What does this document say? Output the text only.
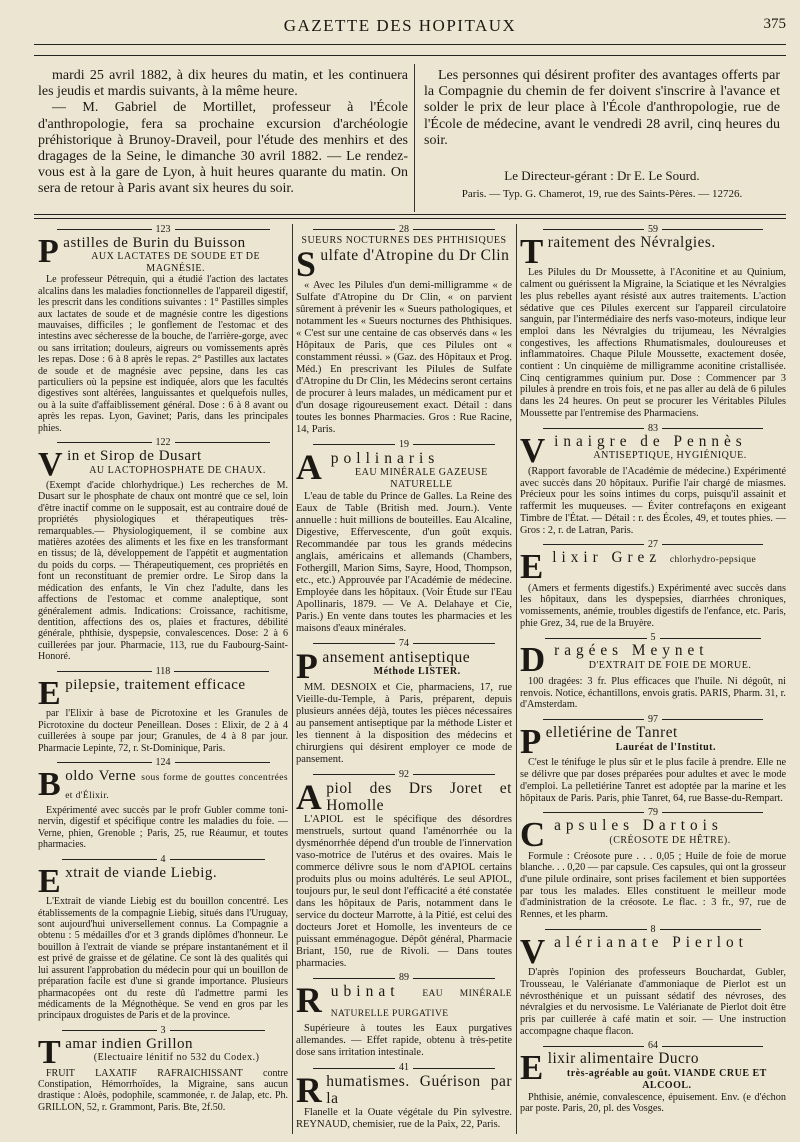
GAZETTE DES HOPITAUX	375

mardi 25 avril 1882, à dix heures du matin, et les continuera les jeudis et mardis suivants, à la même heure.

— M. Gabriel de Mortillet, professeur à l'École d'anthropologie, fera sa prochaine excursion d'archéologie préhistorique à Brunoy-Draveil, pour l'étude des menhirs et des dragages de la Seine, le dimanche 30 avril 1882. — Le rendez-vous est à la gare de Lyon, à huit heures quarante du matin. On sera de retour à Paris avant six heures du soir.

Les personnes qui désirent profiter des avantages offerts par la Compagnie du chemin de fer doivent s'inscrire à l'avance et solder le prix de leur place à l'École d'anthropologie, rue de l'École de médecine, avant le vendredi 28 avril, cinq heures du soir.

Le Directeur-gérant : Dr E. Le Sourd.
Paris. — Typ. G. Chamerot, 19, rue des Saints-Pères. — 12726.
123
Pastilles de Burin du Buisson
AUX LACTATES DE SOUDE ET DE MAGNÉSIE.
Le professeur Pétrequin, qui a étudié l'action des lactates alcalins dans les maladies fonctionnelles de l'appareil digestif, les prescrit dans les conditions suivantes : 1° Pastilles simples aux lactates de soude et de magnésie contre les digestions mauvaises, difficiles ; le gonflement de l'estomac et des intestins avec sécheresse de la bouche, de l'arrière-gorge, avec ou sans irritation; douleurs, aigreurs ou vomissements après les repas. Dose : 6 à 8 après le repas. 2° Pastilles aux lactates de soude et de magnésie avec pepsine, dans les cas particuliers où la pepsine est indiquée, alors que les facultés digestives sont altérées, languissantes et quelquefois nulles, ou à la suite d'affaiblissement général. Dose : 6 à 8 avant ou après les repas. Lyon, Gavinet; Paris, dans les principales phies.
122
Vin et Sirop de Dusart
AU LACTOPHOSPHATE DE CHAUX.
(Exempt d'acide chlorhydrique.) Les recherches de M. Dusart sur le phosphate de chaux ont montré que ce sel, loin d'être inactif comme on le supposait, est au contraire doué de propriétés physiologiques et thérapeutiques très-remarquables.— Physiologiquement, il se combine aux matières azotées des aliments et les fixe en les transformant en tissus; de là, développement de l'appétit et augmentation du poids du corps. — Thérapeutiquement, ces propriétés en font un reconstituant de premier ordre. Le Sirop dans la médication des enfants, le Vin chez l'adulte, dans les affections de l'estomac et comme analeptique, sont généralement admis. Indications: Croissance, rachitisme, dentition, affections des os, plaies et fractures, débilité générale, phthisie, dyspepsie, convalescences. Dose: 2 à 6 cuillerées par jour. Pharmacie, 113, rue du Faubourg-Saint-Honoré.
118
Epilepsie, traitement efficace
par l'Elixir à base de Picrotoxine et les Granules de Picrotoxine du docteur Peneillean. Doses : Elixir, de 2 à 4 cuillerées à soupe par jour; Granules, de 4 à 8 par jour. Pharmacie Lepinte, 72, r. St-Dominique, Paris.
124
Boldo Verne sous forme de gouttes concentrées et d'Élixir.
Expérimenté avec succès par le profr Gubler comme toni-nervin, digestif et spécifique contre les maladies du foie. — Verne, phien, Grenoble ; Paris, 25, rue Réaumur, et toutes pharmacies.
4
Extrait de viande Liebig.
L'Extrait de viande Liebig est du bouillon concentré. Les établissements de la compagnie Liebig, situés dans l'Uruguay, sont aujourd'hui universellement connus. La Compagnie a obtenu : 5 médailles d'or et 3 grands diplômes d'honneur. Le bouillon à l'extrait de viande se prépare instantanément et il est privé de graisse et de gélatine. Ce sont là des qualités qui lui assurent l'approbation du médecin pour qui un bouillon de préparation facile est d'une si grande importance. Plusieurs pharmacopées ont du reste dû l'admettre parmi les médicaments de la Mégnothèque. Se vend en gros par les principaux droguistes de Paris et de la province.
3
Tamar indien Grillon
(Electuaire lénitif no 532 du Codex.)
FRUIT LAXATIF RAFRAICHISSANT contre Constipation, Hémorrhoïdes, la Migraine, sans aucun drastique : Aloès, podophile, scammonée, r. de Jalap, etc. Ph. GRILLON, 52, r. Grammont, Paris. Bte, 2f.50.
28
SUEURS NOCTURNES DES PHTHISIQUES
Sulfate d'Atropine du Dr Clin
« Avec les Pilules d'un demi-milligramme « de Sulfate d'Atropine du Dr Clin, « on parvient sûrement à prévenir les « Sueurs pathologiques, et notamment les « Sueurs nocturnes des Phthisiques. « C'est sur une centaine de cas observés dans « les Hôpitaux de Paris, que ces Pilules ont « constamment réussi. » (Gaz. des Hôpitaux et Prog. Méd.) En prescrivant les Pilules de Sulfate d'Atropine du Dr Clin, les Médecins seront certains de procurer à leurs malades, un médicament pur et d'un dosage rigoureusement exact. Détail : dans toutes les bonnes Pharmacies. Gros : Rue Racine, 14, Paris.
19
Apollinaris
EAU MINÉRALE GAZEUSE NATURELLE
L'eau de table du Prince de Galles. La Reine des Eaux de Table (British med. Journ.). Vente annuelle : huit millions de bouteilles. Eau Alcaline, Digestive, Effervescente, d'un goût exquis. Recommandée par tous les grands médecins anglais, américains et allemands (Chambers, Fothergill, Marion Sims, Sayre, Hood, Thompson, etc., etc.) Approuvée par l'Académie de médecine. Employée dans les hôpitaux. (Voir Étude sur l'Eau Apollinaris, 1879. — Ve A. Delahaye et Cie, Paris.) En vente dans toutes les pharmacies et les maisons d'eaux minérales.
74
Pansement antiseptique
Méthode LISTER.
MM. DESNOIX et Cie, pharmaciens, 17, rue Vieille-du-Temple, à Paris, préparent, depuis plusieurs années déjà, toutes les pièces nécessaires au pansement antiseptique par la méthode Lister et les tiennent à la disposition des médecins et chirurgiens qui désirent employer ce mode de pansement.
92
Apiol des Drs Joret et Homolle
L'APIOL est le spécifique des désordres menstruels, surtout quand l'aménorrhée ou la dysménorrhée dépend d'un trouble de l'innervation vaso-motrice de l'utérus et des ovaires. Mais le commerce délivre sous le nom d'APIOL certains produits plus ou moins adultérés. Le seul APIOL, toujours pur, le seul dont l'efficacité a été constatée dans les hôpitaux de Paris, notamment dans le service du docteur Marrotte, à la Pitié, est celui des docteurs Joret et Homolle, les inventeurs de ce puissant emménagogue. Dépôt général, Pharmacie Briant, 150, rue de Rivoli. — Dans toutes pharmacies.
89
Rubinat EAU MINÉRALE NATURELLE PURGATIVE
Supérieure à toutes les Eaux purgatives allemandes. — Effet rapide, obtenu à très-petite dose sans irritation intestinale.
41
Rhumatismes. Guérison par la
Flanelle et la Ouate végétale du Pin sylvestre. REYNAUD, chemisier, rue de la Paix, 22, Paris.
59
Traitement des Névralgies.
Les Pilules du Dr Moussette, à l'Aconitine et au Quinium, calment ou guérissent la Migraine, la Sciatique et les Névralgies les plus rebelles ayant résisté aux autres traitements. L'action sédative que ces Pilules exercent sur l'appareil circulatoire sanguin, par l'intermédiaire des nerfs vaso-moteurs, indique leur emploi dans les Névralgies du trijumeau, les Névralgies congestives, les affections Rhumatismales, douloureuses et inflammatoires. Chaque Pilule Moussette, exactement dosée, contient : Un cinquième de milligramme aconitine cristallisée. Cinq centigrammes quinium pur. Dose : Commencer par 3 pilules à prendre en trois fois, et ne pas aller au delà de 6 pilules dans les 24 heures. On peut se procurer les Véritables Pilules Moussette par l'entremise des Pharmaciens.
83
Vinaigre de Pennès
ANTISEPTIQUE, HYGIÉNIQUE.
(Rapport favorable de l'Académie de médecine.) Expérimenté avec succès dans 20 hôpitaux. Purifie l'air chargé de miasmes. Précieux pour les soins intimes du corps, puisqu'il assainit et raffermit les muqueuses. — Éviter contrefaçons en exigeant Timbre de l'État. — Détail : r. des Écoles, 49, et toutes phies. — Gros : 2, r. de Latran, Paris.
27
Elixir Grez chlorhydro-pepsique
(Amers et ferments digestifs.) Expérimenté avec succès dans les hôpitaux, dans les dyspepsies, diarrhées chroniques, vomissements, anémie, troubles digestifs de l'enfance, etc. Paris, phie Grez, 34, rue de la Bruyère.
5
Dragées Meynet
D'EXTRAIT DE FOIE DE MORUE.
100 dragées: 3 fr. Plus efficaces que l'huile. Ni dégoût, ni renvois. Notice, échantillons, envois gratis. PARIS, Pharm. 31, r. d'Amsterdam.
97
Pelletiérine de Tanret
Lauréat de l'Institut.
C'est le ténifuge le plus sûr et le plus facile à prendre. Elle ne se délivre que par doses préparées pour adultes et avec le mode d'emploi. La pelletiérine Tanret est adoptée par la marine et les hôpitaux de Paris. Paris, phie Tanret, 64, rue Basse-du-Rempart.
79
Capsules Dartois
(CRÉOSOTE DE HÊTRE).
Formule : Créosote pure . . . 0,05 ; Huile de foie de morue blanche. . . 0,20 — par capsule. Ces capsules, qui ont la grosseur d'une pilule ordinaire, sont prises facilement et bien supportées par tous les malades. Elles constituent le meilleur mode d'administration de la créosote. Le flac. : 3 fr., 97, rue de Rennes, et les pharm.
8
Valérianate Pierlot
D'après l'opinion des professeurs Bouchardat, Gubler, Trousseau, le Valérianate d'ammoniaque de Pierlot est un névrosthénique et un puissant sédatif des névroses, des névralgies et du nervosisme. Le Valérianate de Pierlot doit être pris par cuillerée à café matin et soir. — Une instruction accompagne chaque flacon.
64
Elixir alimentaire Ducro
très-agréable au goût. VIANDE CRUE ET ALCOOL.
Phthisie, anémie, convalescence, épuisement. Env. (e d'échon par poste. Paris, 20, pl. des Vosges.
